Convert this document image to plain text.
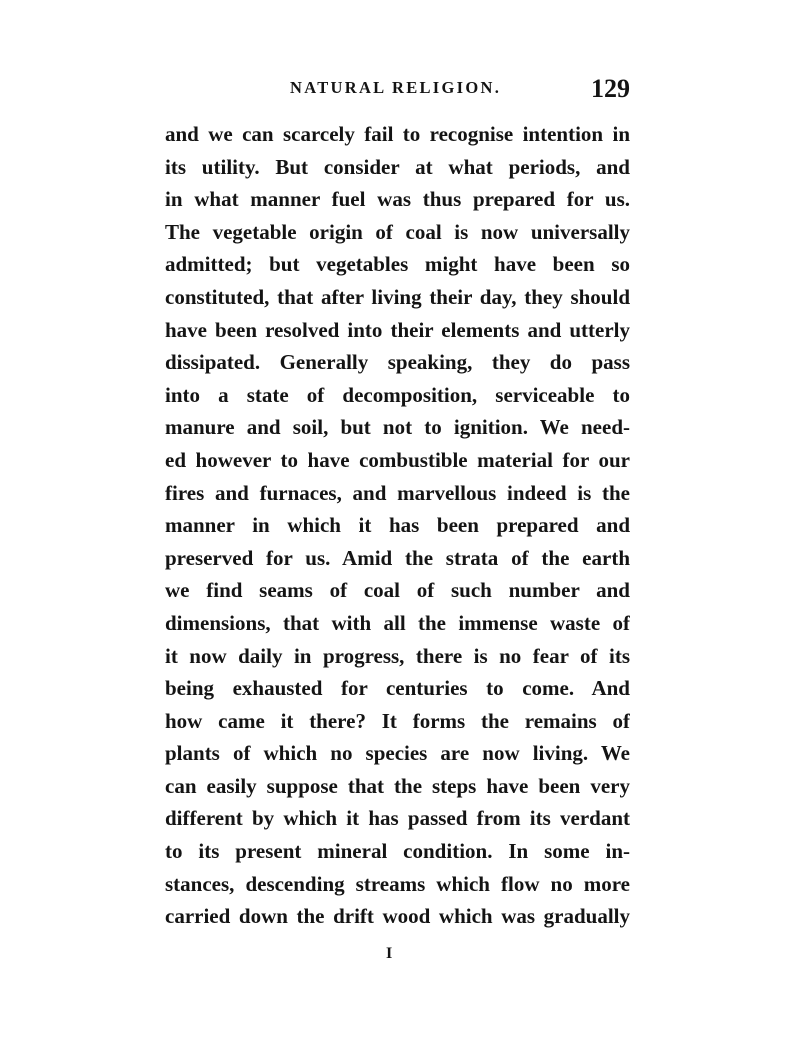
NATURAL RELIGION.	129
and we can scarcely fail to recognise intention in
its utility. But consider at what periods, and
in what manner fuel was thus prepared for us.
The vegetable origin of coal is now universally
admitted; but vegetables might have been so
constituted, that after living their day, they should
have been resolved into their elements and utterly
dissipated. Generally speaking, they do pass
into a state of decomposition, serviceable to
manure and soil, but not to ignition. We need-
ed however to have combustible material for our
fires and furnaces, and marvellous indeed is the
manner in which it has been prepared and
preserved for us. Amid the strata of the earth
we find seams of coal of such number and
dimensions, that with all the immense waste of
it now daily in progress, there is no fear of its
being exhausted for centuries to come. And
how came it there? It forms the remains of
plants of which no species are now living. We
can easily suppose that the steps have been very
different by which it has passed from its verdant
to its present mineral condition. In some in-
stances, descending streams which flow no more
carried down the drift wood which was gradually
I
